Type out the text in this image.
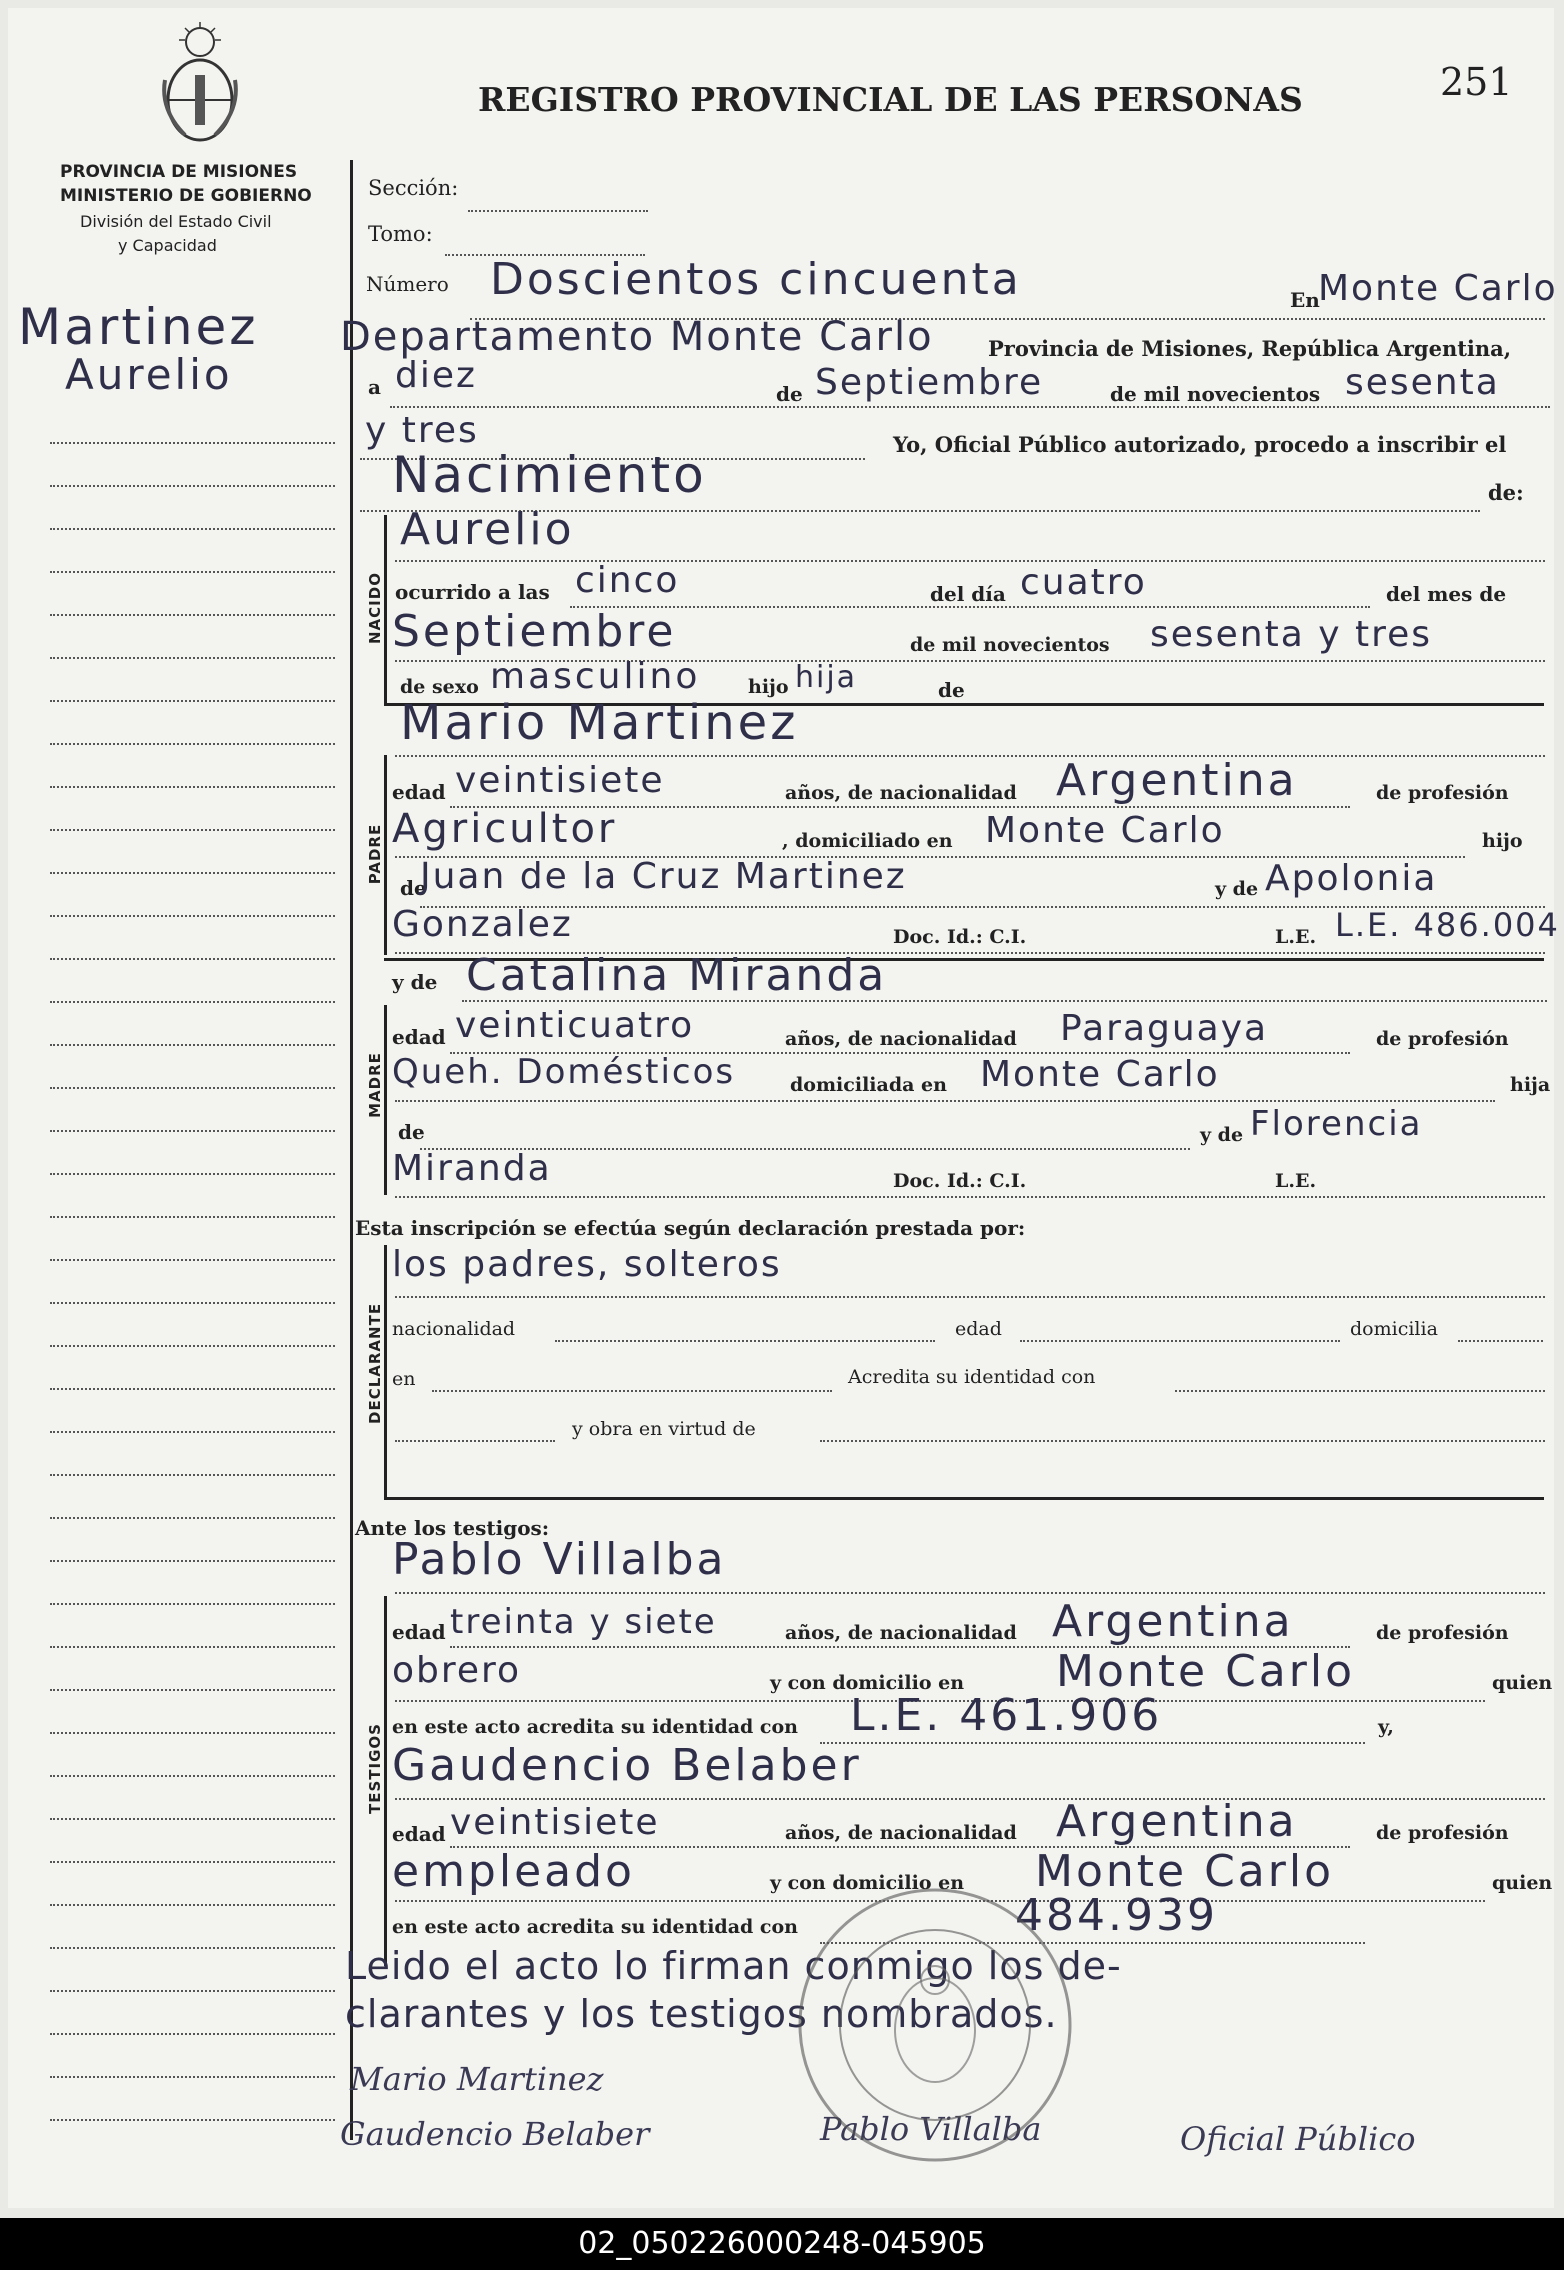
PROVINCIA DE MISIONES
MINISTERIO DE GOBIERNO
División del Estado Civil
y Capacidad
REGISTRO PROVINCIAL DE LAS PERSONAS	251
Martinez
Aurelio
Sección:
Tomo:
Número Doscientos cincuenta	En
Monte Carlo
Departamento Monte Carlo	Provincia de Misiones, República Argentina,
a diez	de Septiembre	de mil novecientos sesenta
y tres	Yo, Oficial Público autorizado, procedo a inscribir el
Nacimiento	de:
NACIDO
Aurelio
ocurrido a las cinco	del día cuatro	del mes de
Septiembre	de mil novecientos sesenta y tres
de sexo masculino	hijo hija	de
Mario Martinez
PADRE
edad veintisiete	años, de nacionalidad Argentina	de profesión
Agricultor	, domiciliado en Monte Carlo	hijo
de
Juan de la Cruz Martinez	y de Apolonia
Gonzalez	Doc. Id.: C.I.	L.E. L.E. 486.004
y de Catalina Miranda
MADRE
edad veinticuatro	años, de nacionalidad Paraguaya	de profesión
Queh. Domésticos	domiciliada en Monte Carlo	hija
de	y de Florencia
Miranda	Doc. Id.: C.I.	L.E.
Esta inscripción se efectúa según declaración prestada por:
DECLARANTE
los padres, solteros
nacionalidad	edad	domicilia
en	Acredita su identidad con
y obra en virtud de
Ante los testigos:
Pablo Villalba
TESTIGOS
edad treinta y siete	años, de nacionalidad Argentina	de profesión
obrero	y con domicilio en Monte Carlo	quien
en este acto acredita su identidad con L.E. 461.906	y,
Gaudencio Belaber
edad veintisiete	años, de nacionalidad Argentina	de profesión
empleado	y con domicilio en Monte Carlo	quien
en este acto acredita su identidad con	484.939
Leido el acto lo firman conmigo los de-
clarantes y los testigos nombrados.
Mario Martinez
Gaudencio Belaber	Pablo Villalba	Oficial Público
02_050226000248-045905
